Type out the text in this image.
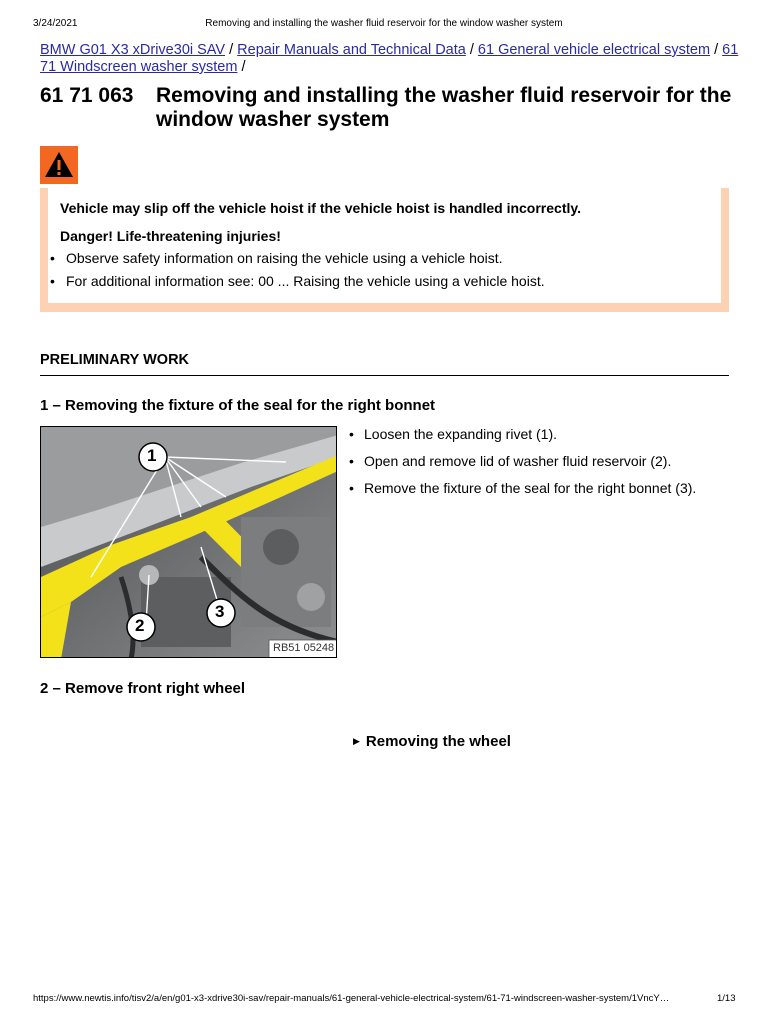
3/24/2021	Removing and installing the washer fluid reservoir for the window washer system
BMW G01 X3 xDrive30i SAV / Repair Manuals and Technical Data / 61 General vehicle electrical system / 61 71 Windscreen washer system /
61 71 063 Removing and installing the washer fluid reservoir for the window washer system
Vehicle may slip off the vehicle hoist if the vehicle hoist is handled incorrectly.
Danger! Life-threatening injuries!
• Observe safety information on raising the vehicle using a vehicle hoist.
• For additional information see: 00 ... Raising the vehicle using a vehicle hoist.
PRELIMINARY WORK
1 – Removing the fixture of the seal for the right bonnet
1
2
3
RB51 05248
• Loosen the expanding rivet (1).
• Open and remove lid of washer fluid reservoir (2).
• Remove the fixture of the seal for the right bonnet (3).
2 – Remove front right wheel
▶ Removing the wheel
https://www.newtis.info/tisv2/a/en/g01-x3-xdrive30i-sav/repair-manuals/61-general-vehicle-electrical-system/61-71-windscreen-washer-system/1VncY…	1/13
